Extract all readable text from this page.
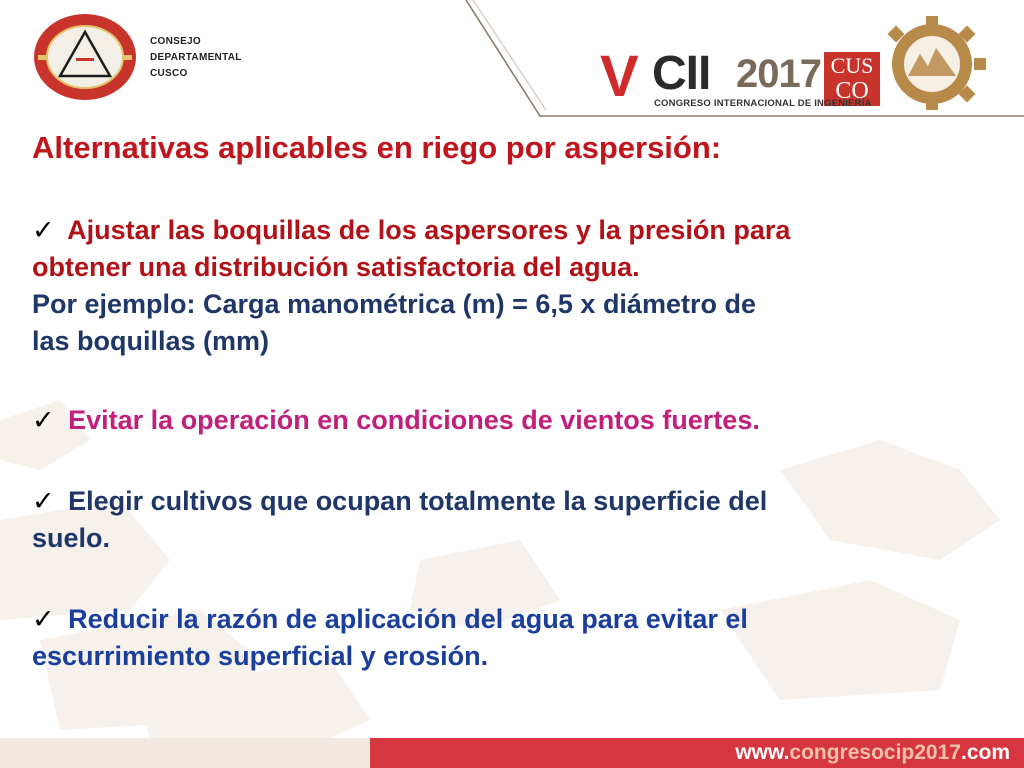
CONSEJO
DEPARTAMENTAL
CUSCO	V CII 2017 CUS
CO
CONGRESO INTERNACIONAL DE INGENIERÍA
Alternativas aplicables en riego por aspersión:
✓ Ajustar las boquillas de los aspersores y la presión para
obtener una distribución satisfactoria del agua.
Por ejemplo: Carga manométrica (m) = 6,5 x diámetro de
las boquillas (mm)
✓ Evitar la operación en condiciones de vientos fuertes.
✓ Elegir cultivos que ocupan totalmente la superficie del
suelo.
✓ Reducir la razón de aplicación del agua para evitar el
escurrimiento superficial y erosión.
www.congresocip2017.com
